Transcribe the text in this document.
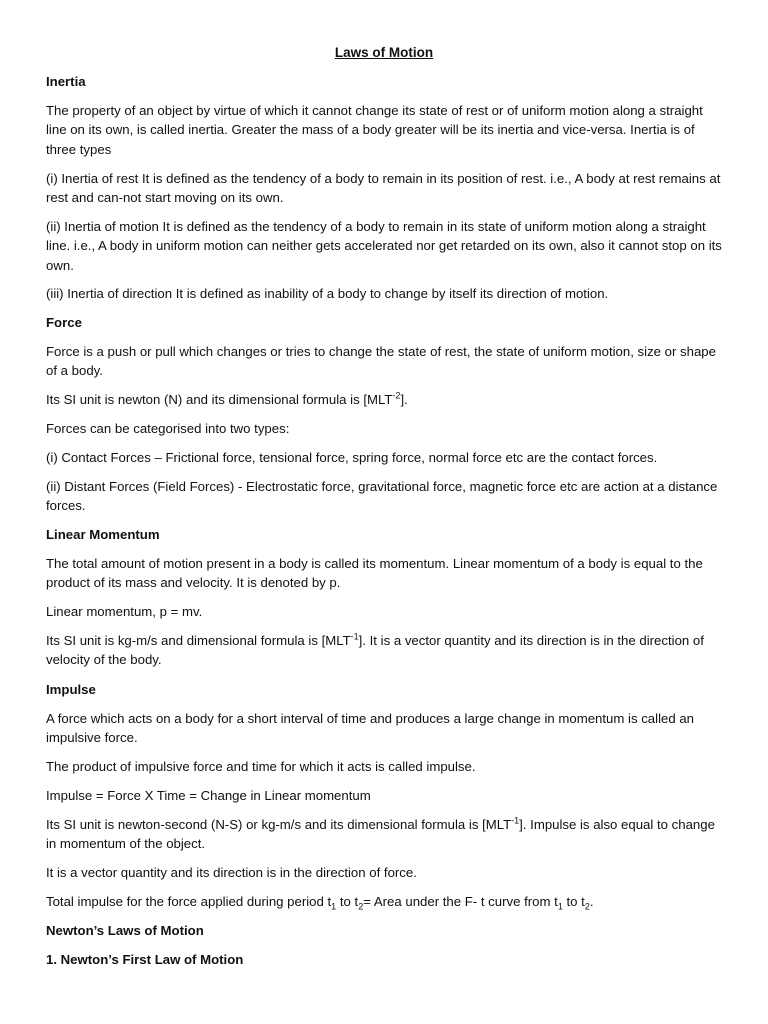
Laws of Motion
Inertia
The property of an object by virtue of which it cannot change its state of rest or of uniform motion along a straight line on its own, is called inertia. Greater the mass of a body greater will be its inertia and vice-versa. Inertia is of three types
(i) Inertia of rest It is defined as the tendency of a body to remain in its position of rest. i.e., A body at rest remains at rest and can-not start moving on its own.
(ii) Inertia of motion It is defined as the tendency of a body to remain in its state of uniform motion along a straight line. i.e., A body in uniform motion can neither gets accelerated nor get retarded on its own, also it cannot stop on its own.
(iii) Inertia of direction It is defined as inability of a body to change by itself its direction of motion.
Force
Force is a push or pull which changes or tries to change the state of rest, the state of uniform motion, size or shape of a body.
Its SI unit is newton (N) and its dimensional formula is $[MLT^{-2}]$.
Forces can be categorised into two types:
(i) Contact Forces – Frictional force, tensional force, spring force, normal force etc are the contact forces.
(ii) Distant Forces (Field Forces) - Electrostatic force, gravitational force, magnetic force etc are action at a distance forces.
Linear Momentum
The total amount of motion present in a body is called its momentum. Linear momentum of a body is equal to the product of its mass and velocity. It is denoted by p.
Linear momentum, p = mv.
Its SI unit is kg-m/s and dimensional formula is $[MLT^{-1}]$. It is a vector quantity and its direction is in the direction of velocity of the body.
Impulse
A force which acts on a body for a short interval of time and produces a large change in momentum is called an impulsive force.
The product of impulsive force and time for which it acts is called impulse.
Impulse = Force X Time = Change in Linear momentum
Its SI unit is newton-second (N-S) or kg-m/s and its dimensional formula is $[MLT^{-1}]$. Impulse is also equal to change in momentum of the object.
It is a vector quantity and its direction is in the direction of force.
Total impulse for the force applied during period $t_1$ to $t_2=$ Area under the F- t curve from $t_1$ to $t_2$.
Newton’s Laws of Motion
1. Newton’s First Law of Motion
